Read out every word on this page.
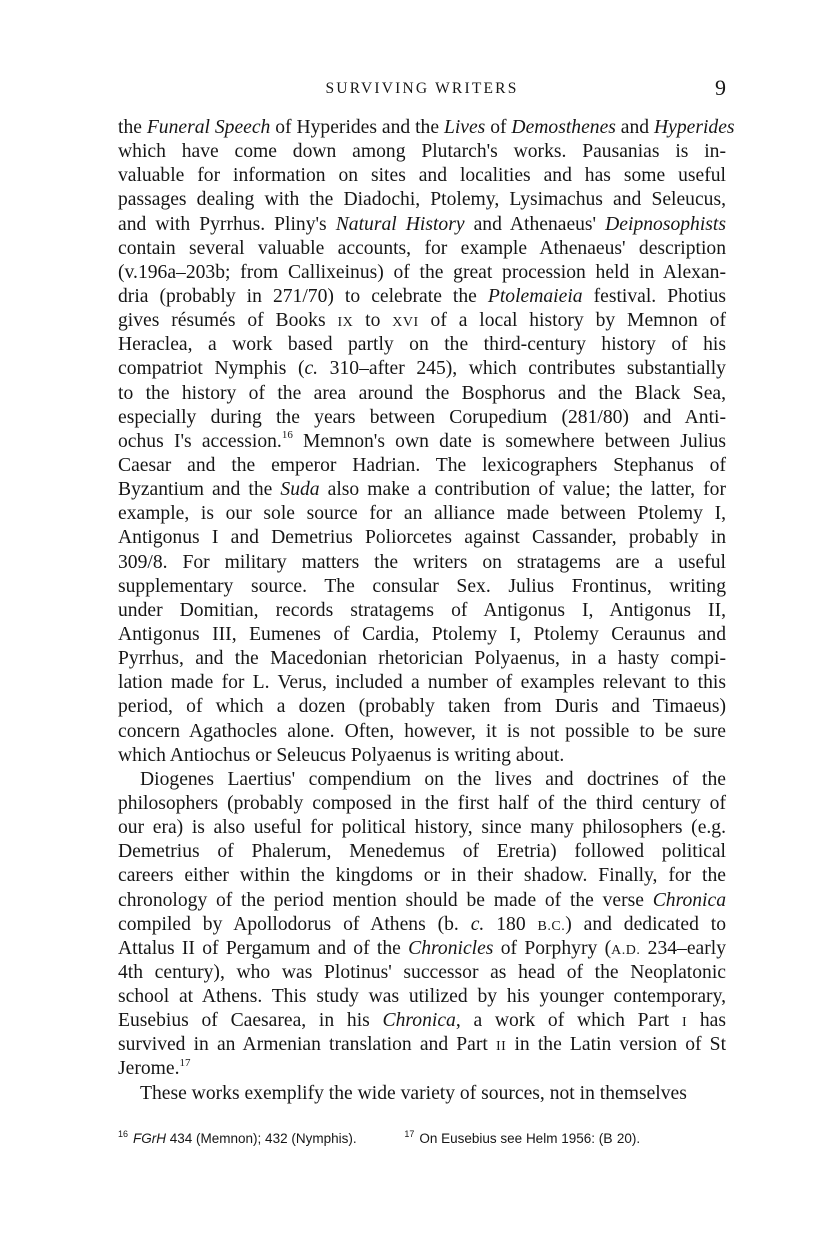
SURVIVING WRITERS	9
the Funeral Speech of Hyperides and the Lives of Demosthenes and Hyperides
which have come down among Plutarch's works. Pausanias is in-
valuable for information on sites and localities and has some useful
passages dealing with the Diadochi, Ptolemy, Lysimachus and Seleucus,
and with Pyrrhus. Pliny's Natural History and Athenaeus' Deipnosophists
contain several valuable accounts, for example Athenaeus' description
(v.196a–203b; from Callixeinus) of the great procession held in Alexan-
dria (probably in 271/70) to celebrate the Ptolemaieia festival. Photius
gives résumés of Books IX to XVI of a local history by Memnon of
Heraclea, a work based partly on the third-century history of his
compatriot Nymphis (c. 310–after 245), which contributes substantially
to the history of the area around the Bosphorus and the Black Sea,
especially during the years between Corupedium (281/80) and Anti-
ochus I's accession.$^{16}$ Memnon's own date is somewhere between Julius
Caesar and the emperor Hadrian. The lexicographers Stephanus of
Byzantium and the Suda also make a contribution of value; the latter, for
example, is our sole source for an alliance made between Ptolemy I,
Antigonus I and Demetrius Poliorcetes against Cassander, probably in
309/8. For military matters the writers on stratagems are a useful
supplementary source. The consular Sex. Julius Frontinus, writing
under Domitian, records stratagems of Antigonus I, Antigonus II,
Antigonus III, Eumenes of Cardia, Ptolemy I, Ptolemy Ceraunus and
Pyrrhus, and the Macedonian rhetorician Polyaenus, in a hasty compi-
lation made for L. Verus, included a number of examples relevant to this
period, of which a dozen (probably taken from Duris and Timaeus)
concern Agathocles alone. Often, however, it is not possible to be sure
which Antiochus or Seleucus Polyaenus is writing about.
Diogenes Laertius' compendium on the lives and doctrines of the
philosophers (probably composed in the first half of the third century of
our era) is also useful for political history, since many philosophers (e.g.
Demetrius of Phalerum, Menedemus of Eretria) followed political
careers either within the kingdoms or in their shadow. Finally, for the
chronology of the period mention should be made of the verse Chronica
compiled by Apollodorus of Athens (b. c. 180 B.C.) and dedicated to
Attalus II of Pergamum and of the Chronicles of Porphyry (A.D. 234–early
4th century), who was Plotinus' successor as head of the Neoplatonic
school at Athens. This study was utilized by his younger contemporary,
Eusebius of Caesarea, in his Chronica, a work of which Part I has
survived in an Armenian translation and Part II in the Latin version of St
Jerome.$^{17}$
These works exemplify the wide variety of sources, not in themselves
$^{16}$ FGrH 434 (Memnon); 432 (Nymphis).	$^{17}$ On Eusebius see Helm 1956: (B 20).
